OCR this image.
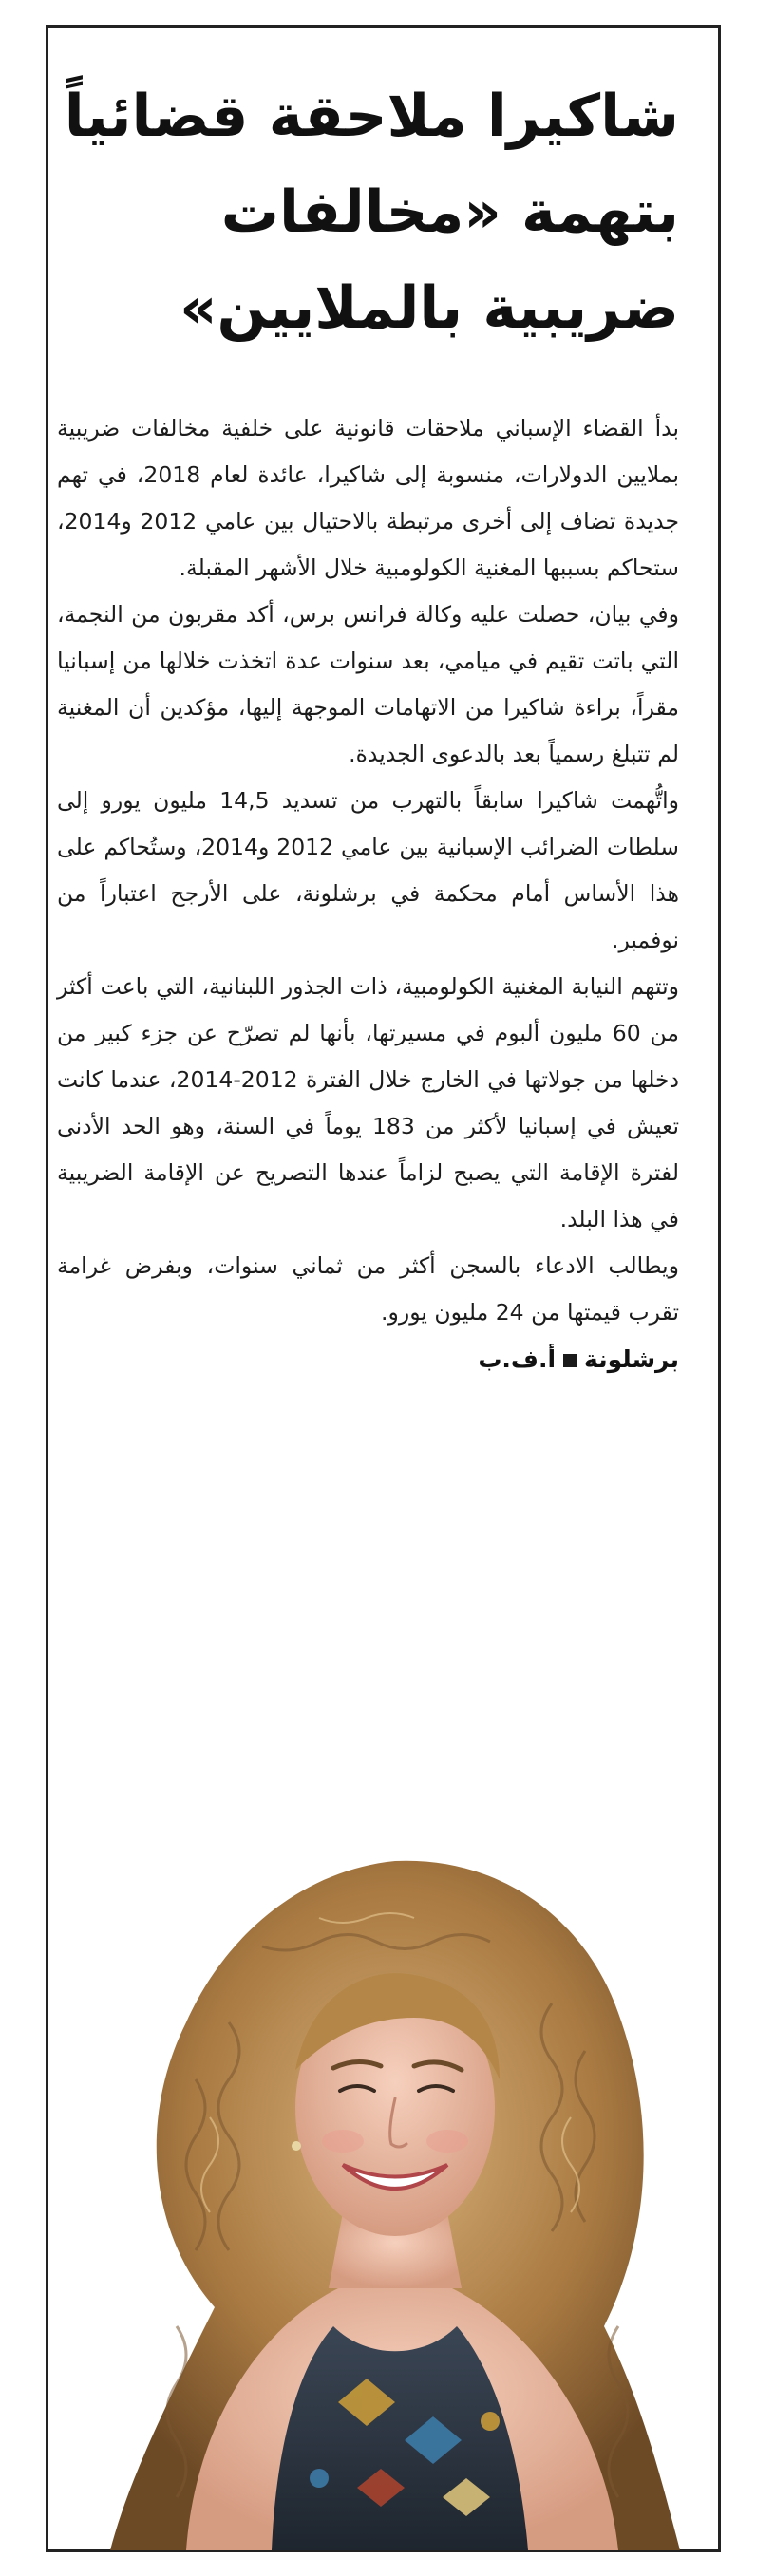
شاكيرا ملاحقة قضائياً
بتهمة «مخالفات
ضريبية بالملايين»

بدأ القضاء الإسباني ملاحقات قانونية على خلفية مخالفات ضريبية بملايين الدولارات، منسوبة إلى شاكيرا، عائدة لعام 2018، في تهم جديدة تضاف إلى أخرى مرتبطة بالاحتيال بين عامي 2012 و2014، ستحاكم بسببها المغنية الكولومبية خلال الأشهر المقبلة.

وفي بيان، حصلت عليه وكالة فرانس برس، أكد مقربون من النجمة، التي باتت تقيم في ميامي، بعد سنوات عدة اتخذت خلالها من إسبانيا مقراً، براءة شاكيرا من الاتهامات الموجهة إليها، مؤكدين أن المغنية لم تتبلغ رسمياً بعد بالدعوى الجديدة.

واتُّهمت شاكيرا سابقاً بالتهرب من تسديد 14,5 مليون يورو إلى سلطات الضرائب الإسبانية بين عامي 2012 و2014، وستُحاكم على هذا الأساس أمام محكمة في برشلونة، على الأرجح اعتباراً من نوفمبر.

وتتهم النيابة المغنية الكولومبية، ذات الجذور اللبنانية، التي باعت أكثر من 60 مليون ألبوم في مسيرتها، بأنها لم تصرّح عن جزء كبير من دخلها من جولاتها في الخارج خلال الفترة 2012-2014، عندما كانت تعيش في إسبانيا لأكثر من 183 يوماً في السنة، وهو الحد الأدنى لفترة الإقامة التي يصبح لزاماً عندها التصريح عن الإقامة الضريبية في هذا البلد.

ويطالب الادعاء بالسجن أكثر من ثماني سنوات، وبفرض غرامة تقرب قيمتها من 24 مليون يورو.

برشلونةأ.ف.ب
